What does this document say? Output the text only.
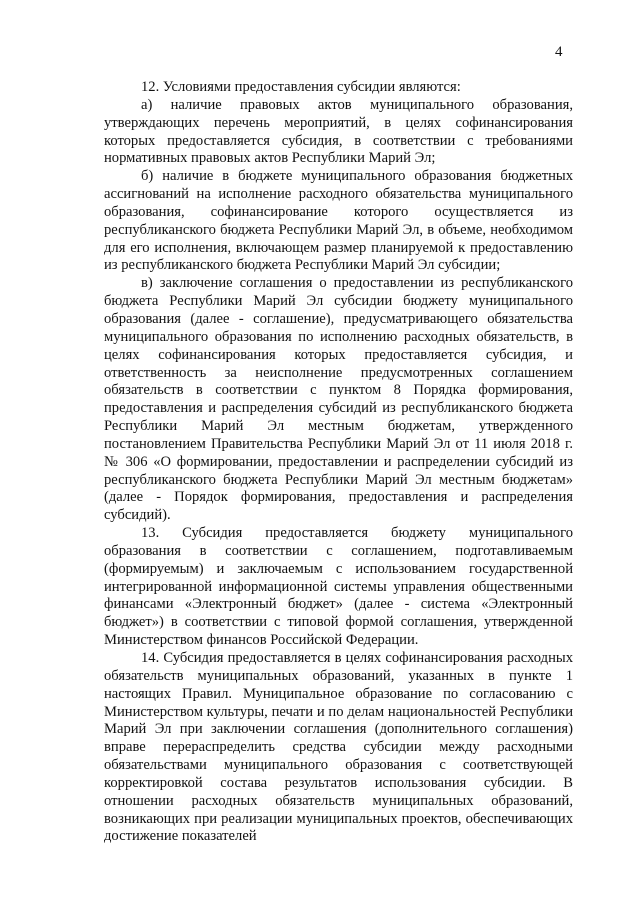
4

12. Условиями предоставления субсидии являются:

а) наличие правовых актов муниципального образования, утверждающих перечень мероприятий, в целях софинансирования которых предоставляется субсидия, в соответствии с требованиями нормативных правовых актов Республики Марий Эл;

б) наличие в бюджете муниципального образования бюджетных ассигнований на исполнение расходного обязательства муниципального образования, софинансирование которого осуществляется из республиканского бюджета Республики Марий Эл, в объеме, необходимом для его исполнения, включающем размер планируемой к предоставлению из республиканского бюджета Республики Марий Эл субсидии;

в) заключение соглашения о предоставлении из республиканского бюджета Республики Марий Эл субсидии бюджету муниципального образования (далее - соглашение), предусматривающего обязательства муниципального образования по исполнению расходных обязательств, в целях софинансирования которых предоставляется субсидия, и ответственность за неисполнение предусмотренных соглашением обязательств в соответствии с пунктом 8 Порядка формирования, предоставления и распределения субсидий из республиканского бюджета Республики Марий Эл местным бюджетам, утвержденного постановлением Правительства Республики Марий Эл от 11 июля 2018 г. № 306 «О формировании, предоставлении и распределении субсидий из республиканского бюджета Республики Марий Эл местным бюджетам» (далее - Порядок формирования, предоставления и распределения субсидий).

13. Субсидия предоставляется бюджету муниципального образования в соответствии с соглашением, подготавливаемым (формируемым) и заключаемым с использованием государственной интегрированной информационной системы управления общественными финансами «Электронный бюджет» (далее - система «Электронный бюджет») в соответствии с типовой формой соглашения, утвержденной Министерством финансов Российской Федерации.

14. Субсидия предоставляется в целях софинансирования расходных обязательств муниципальных образований, указанных в пункте 1 настоящих Правил. Муниципальное образование по согласованию с Министерством культуры, печати и по делам национальностей Республики Марий Эл при заключении соглашения (дополнительного соглашения) вправе перераспределить средства субсидии между расходными обязательствами муниципального образования с соответствующей корректировкой состава результатов использования субсидии. В отношении расходных обязательств муниципальных образований, возникающих при реализации муниципальных проектов, обеспечивающих достижение показателей
